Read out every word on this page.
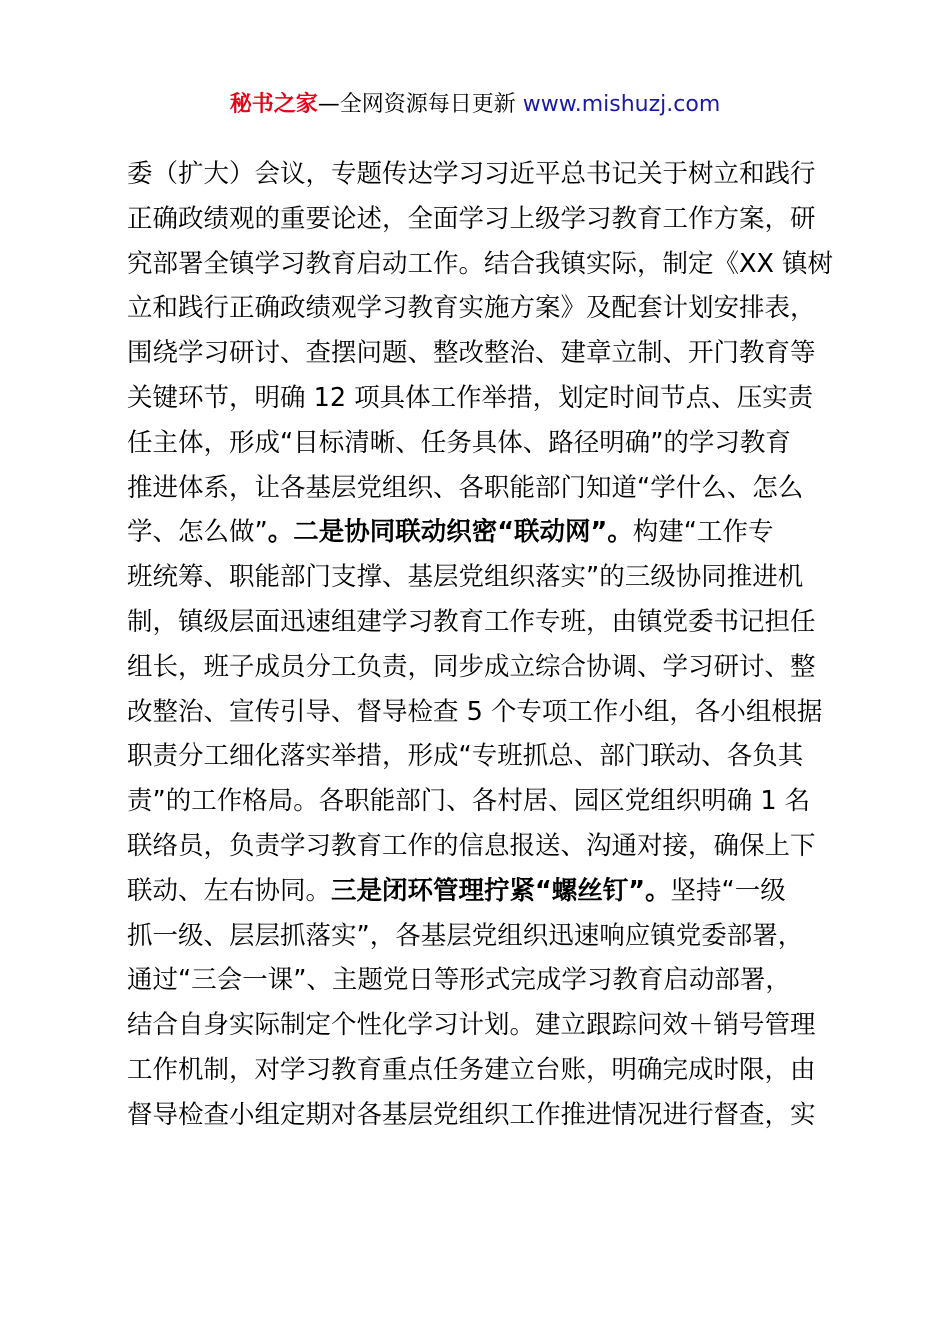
秘书之家—全网资源每日更新 www.mishuzj.com
委（扩大）会议，专题传达学习习近平总书记关于树立和践行
正确政绩观的重要论述，全面学习上级学习教育工作方案，研
究部署全镇学习教育启动工作。结合我镇实际，制定《XX 镇树
立和践行正确政绩观学习教育实施方案》及配套计划安排表，
围绕学习研讨、查摆问题、整改整治、建章立制、开门教育等
关键环节，明确 12 项具体工作举措，划定时间节点、压实责
任主体，形成“目标清晰、任务具体、路径明确”的学习教育
推进体系，让各基层党组织、各职能部门知道“学什么、怎么
学、怎么做”。二是协同联动织密“联动网”。构建“工作专
班统筹、职能部门支撑、基层党组织落实”的三级协同推进机
制，镇级层面迅速组建学习教育工作专班，由镇党委书记担任
组长，班子成员分工负责，同步成立综合协调、学习研讨、整
改整治、宣传引导、督导检查 5 个专项工作小组，各小组根据
职责分工细化落实举措，形成“专班抓总、部门联动、各负其
责”的工作格局。各职能部门、各村居、园区党组织明确 1 名
联络员，负责学习教育工作的信息报送、沟通对接，确保上下
联动、左右协同。三是闭环管理拧紧“螺丝钉”。坚持“一级
抓一级、层层抓落实”，各基层党组织迅速响应镇党委部署，
通过“三会一课”、主题党日等形式完成学习教育启动部署，
结合自身实际制定个性化学习计划。建立跟踪问效＋销号管理
工作机制，对学习教育重点任务建立台账，明确完成时限，由
督导检查小组定期对各基层党组织工作推进情况进行督查，实
